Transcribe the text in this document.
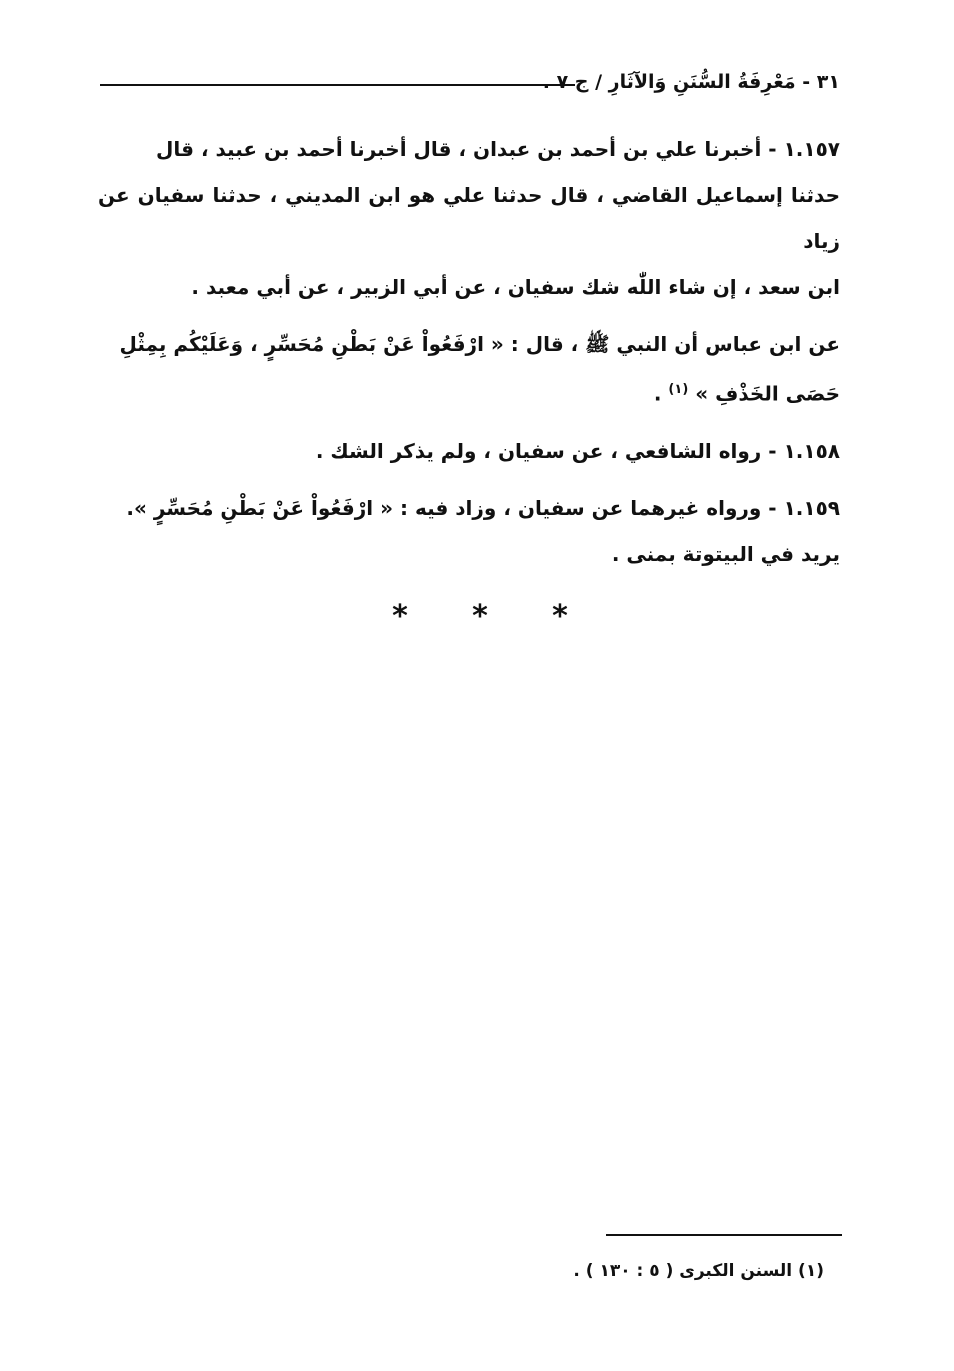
٣١ - مَعْرِفَةُ السُّنَنِ وَالآثَارِ / ج ٧ .
١.١٥٧ - أخبرنا علي بن أحمد بن عبدان ، قال أخبرنا أحمد بن عبيد ، قال
حدثنا إسماعيل القاضي ، قال حدثنا علي هو ابن المديني ، حدثنا سفيان عن زياد
ابن سعد ، إن شاء اللّٰه شك سفيان ، عن أبي الزبير ، عن أبي معبد .
عن ابن عباس أن النبي ﷺ ، قال : « ارْفَعُواْ عَنْ بَطْنِ مُحَسِّرٍ ، وَعَلَيْكُم بِمِثْلِ
حَصَى الخَذْفِ » $^{(١)}$ .
١.١٥٨ - رواه الشافعي ، عن سفيان ، ولم يذكر الشك .
١.١٥٩ - ورواه غيرهما عن سفيان ، وزاد فيه : « ارْفَعُواْ عَنْ بَطْنِ مُحَسِّرٍ ».
يريد في البيتوتة بمنى .
*	*	*
(١) السنن الكبرى ( ٥ : ١٣٠ ) .
